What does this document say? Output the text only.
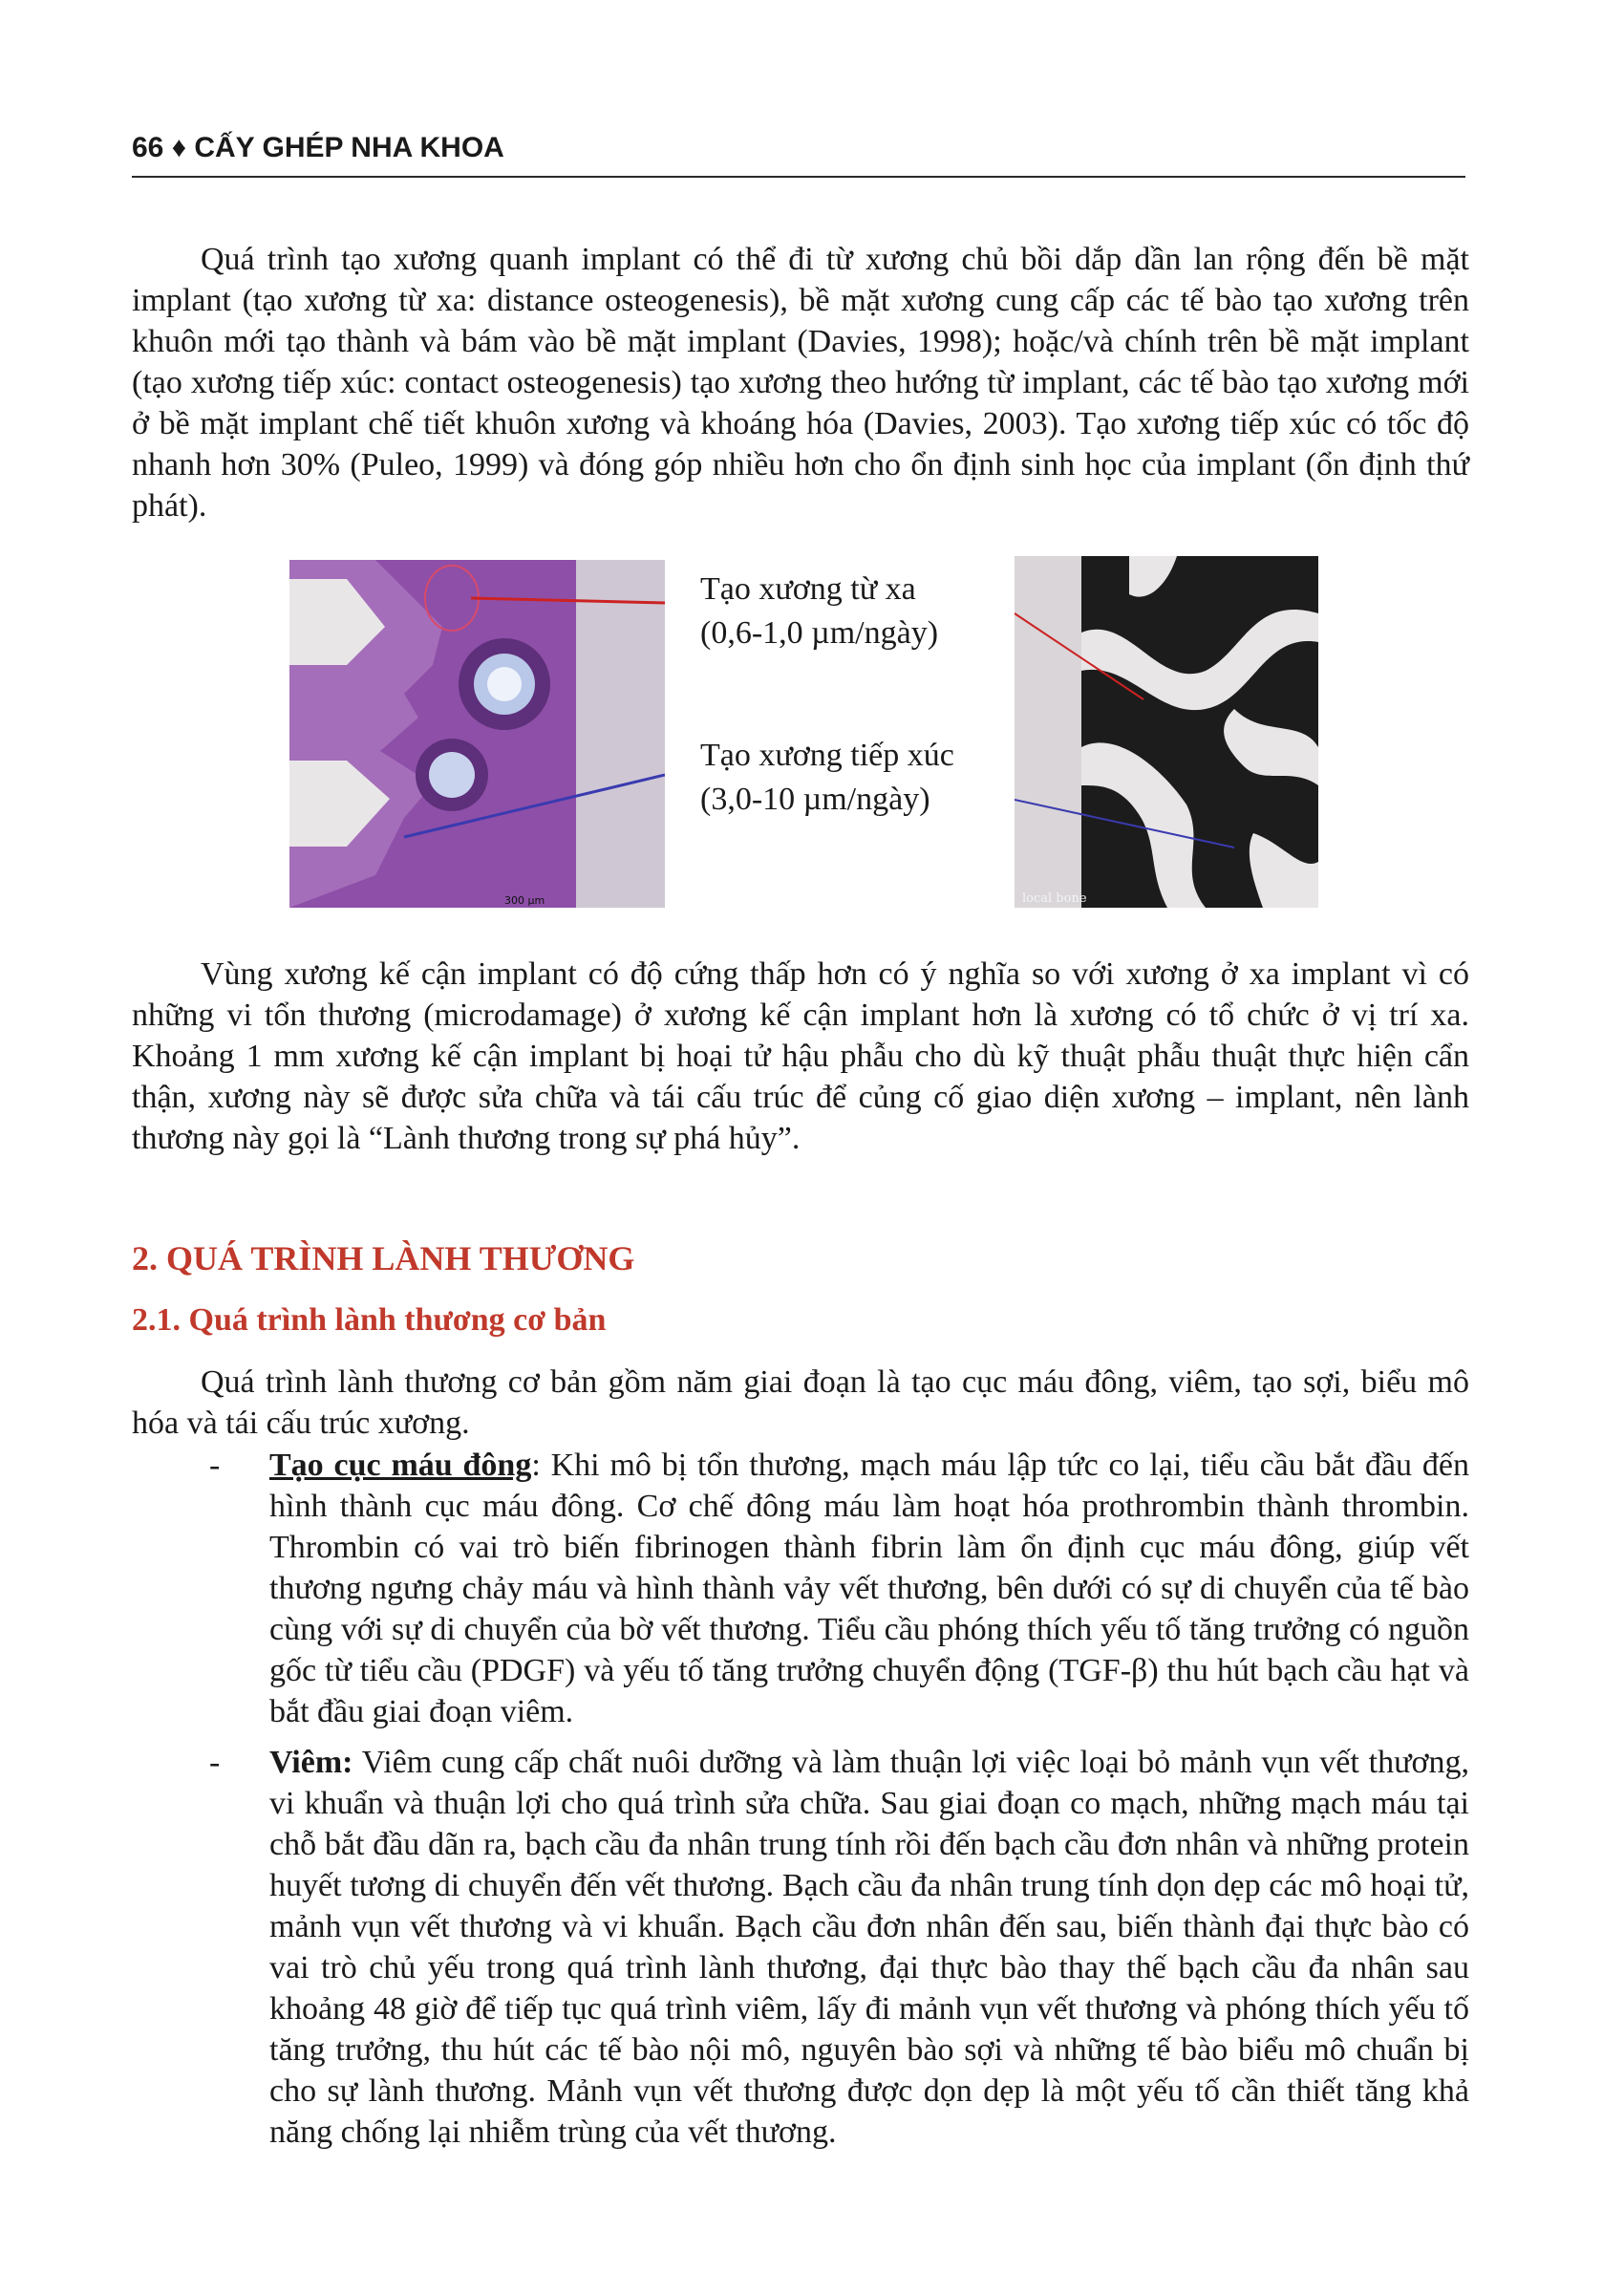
66 ♦ CẤY GHÉP NHA KHOA

Quá trình tạo xương quanh implant có thể đi từ xương chủ bồi dắp dần lan rộng đến bề mặt implant (tạo xương từ xa: distance osteogenesis), bề mặt xương cung cấp các tế bào tạo xương trên khuôn mới tạo thành và bám vào bề mặt implant (Davies, 1998); hoặc/và chính trên bề mặt implant (tạo xương tiếp xúc: contact osteogenesis) tạo xương theo hướng từ implant, các tế bào tạo xương mới ở bề mặt implant chế tiết khuôn xương và khoáng hóa (Davies, 2003). Tạo xương tiếp xúc có tốc độ nhanh hơn 30% (Puleo, 1999) và đóng góp nhiều hơn cho ổn định sinh học của implant (ổn định thứ phát).

300 µm
Tạo xương từ xa
(0,6-1,0 µm/ngày)
Tạo xương tiếp xúc
(3,0-10 µm/ngày)
local bone

Vùng xương kế cận implant có độ cứng thấp hơn có ý nghĩa so với xương ở xa implant vì có những vi tổn thương (microdamage) ở xương kế cận implant hơn là xương có tổ chức ở vị trí xa. Khoảng 1 mm xương kế cận implant bị hoại tử hậu phẫu cho dù kỹ thuật phẫu thuật thực hiện cẩn thận, xương này sẽ được sửa chữa và tái cấu trúc để củng cố giao diện xương – implant, nên lành thương này gọi là “Lành thương trong sự phá hủy”.

2. QUÁ TRÌNH LÀNH THƯƠNG
2.1. Quá trình lành thương cơ bản

Quá trình lành thương cơ bản gồm năm giai đoạn là tạo cục máu đông, viêm, tạo sợi, biểu mô hóa và tái cấu trúc xương.

-	Tạo cục máu đông: Khi mô bị tổn thương, mạch máu lập tức co lại, tiểu cầu bắt đầu đến hình thành cục máu đông. Cơ chế đông máu làm hoạt hóa prothrombin thành thrombin. Thrombin có vai trò biến fibrinogen thành fibrin làm ổn định cục máu đông, giúp vết thương ngưng chảy máu và hình thành vảy vết thương, bên dưới có sự di chuyển của tế bào cùng với sự di chuyển của bờ vết thương. Tiểu cầu phóng thích yếu tố tăng trưởng có nguồn gốc từ tiểu cầu (PDGF) và yếu tố tăng trưởng chuyển động (TGF-β) thu hút bạch cầu hạt và bắt đầu giai đoạn viêm.
-	Viêm: Viêm cung cấp chất nuôi dưỡng và làm thuận lợi việc loại bỏ mảnh vụn vết thương, vi khuẩn và thuận lợi cho quá trình sửa chữa. Sau giai đoạn co mạch, những mạch máu tại chỗ bắt đầu dãn ra, bạch cầu đa nhân trung tính rồi đến bạch cầu đơn nhân và những protein huyết tương di chuyển đến vết thương. Bạch cầu đa nhân trung tính dọn dẹp các mô hoại tử, mảnh vụn vết thương và vi khuẩn. Bạch cầu đơn nhân đến sau, biến thành đại thực bào có vai trò chủ yếu trong quá trình lành thương, đại thực bào thay thế bạch cầu đa nhân sau khoảng 48 giờ để tiếp tục quá trình viêm, lấy đi mảnh vụn vết thương và phóng thích yếu tố tăng trưởng, thu hút các tế bào nội mô, nguyên bào sợi và những tế bào biểu mô chuẩn bị cho sự lành thương. Mảnh vụn vết thương được dọn dẹp là một yếu tố cần thiết tăng khả năng chống lại nhiễm trùng của vết thương.
